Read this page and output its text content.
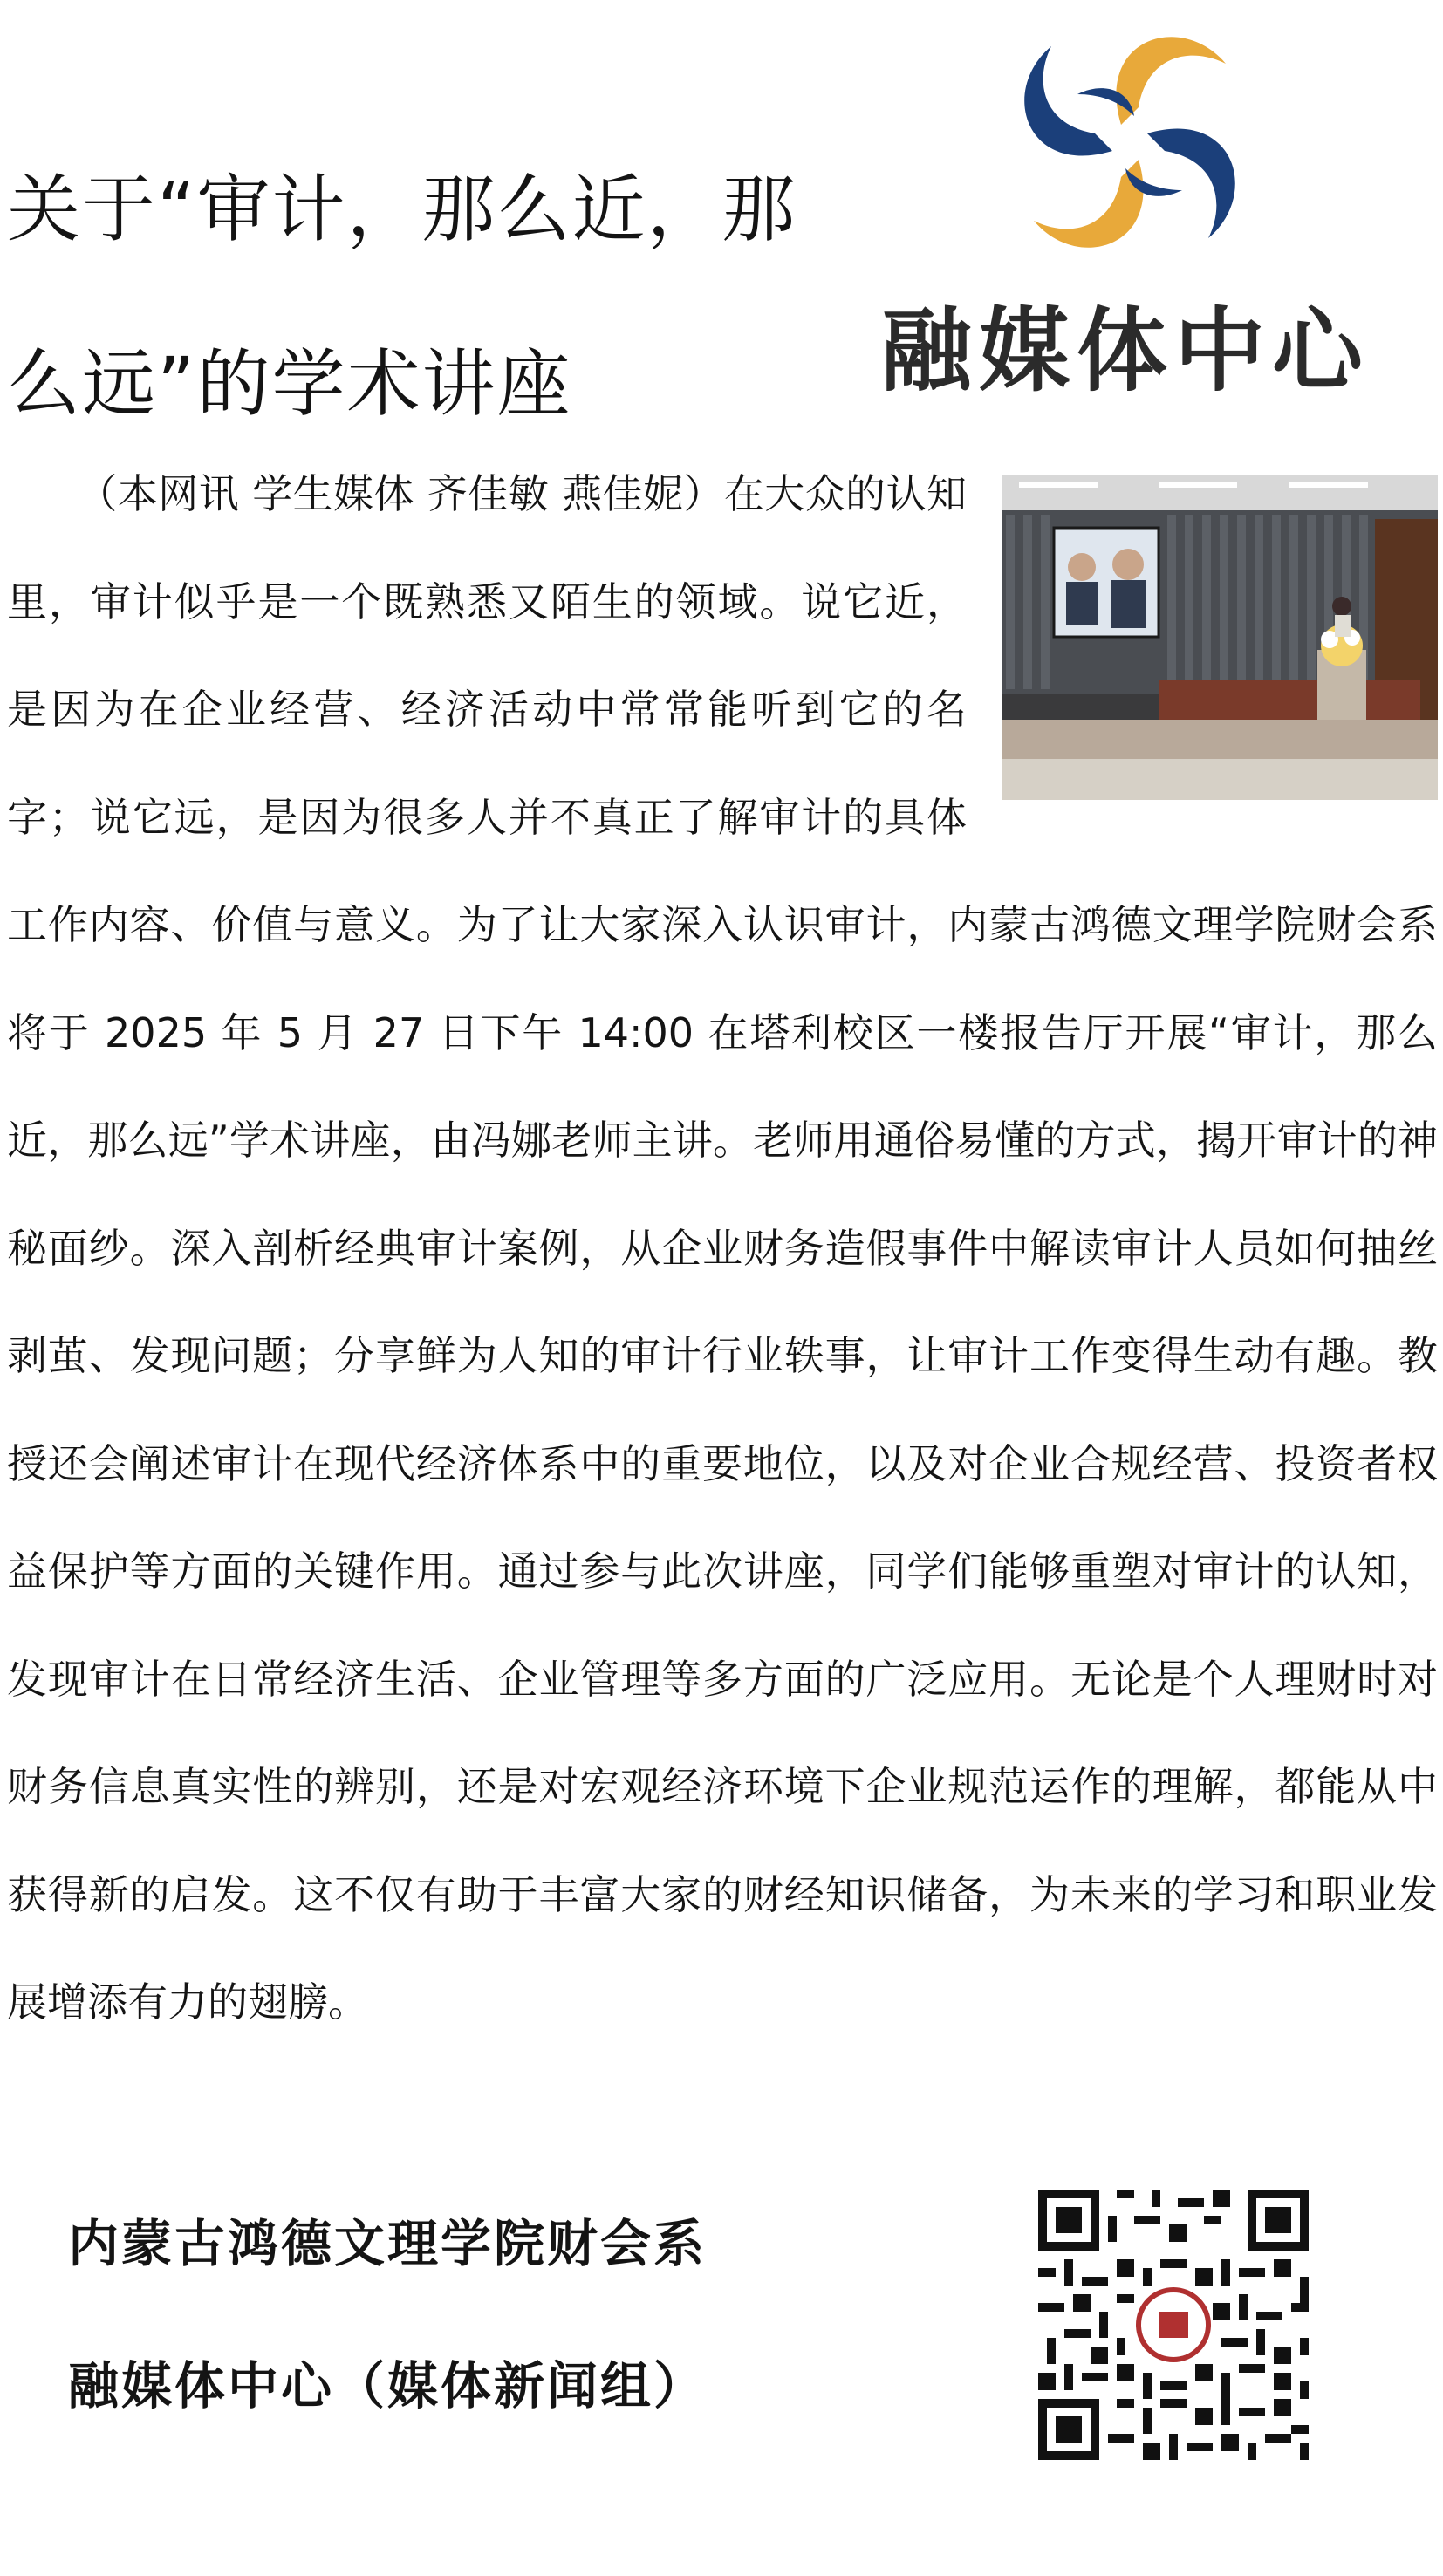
关于“审计，那么近，那
么远”的学术讲座	融媒体中心
（本网讯 学生媒体 齐佳敏 燕佳妮）在大众的认知里，审计似乎是一个既熟悉又陌生的领域。说它近，是因为在企业经营、经济活动中常常能听到它的名字；说它远，是因为很多人并不真正了解审计的具体工作内容、价值与意义。为了让大家深入认识审计，内蒙古鸿德文理学院财会系将于 2025 年 5 月 27 日下午 14:00 在塔利校区一楼报告厅开展“审计，那么近，那么远”学术讲座，由冯娜老师主讲。老师用通俗易懂的方式，揭开审计的神秘面纱。深入剖析经典审计案例，从企业财务造假事件中解读审计人员如何抽丝剥茧、发现问题；分享鲜为人知的审计行业轶事，让审计工作变得生动有趣。教授还会阐述审计在现代经济体系中的重要地位，以及对企业合规经营、投资者权益保护等方面的关键作用。通过参与此次讲座，同学们能够重塑对审计的认知，发现审计在日常经济生活、企业管理等多方面的广泛应用。无论是个人理财时对财务信息真实性的辨别，还是对宏观经济环境下企业规范运作的理解，都能从中获得新的启发。这不仅有助于丰富大家的财经知识储备，为未来的学习和职业发展增添有力的翅膀。
内蒙古鸿德文理学院财会系
融媒体中心（媒体新闻组）
